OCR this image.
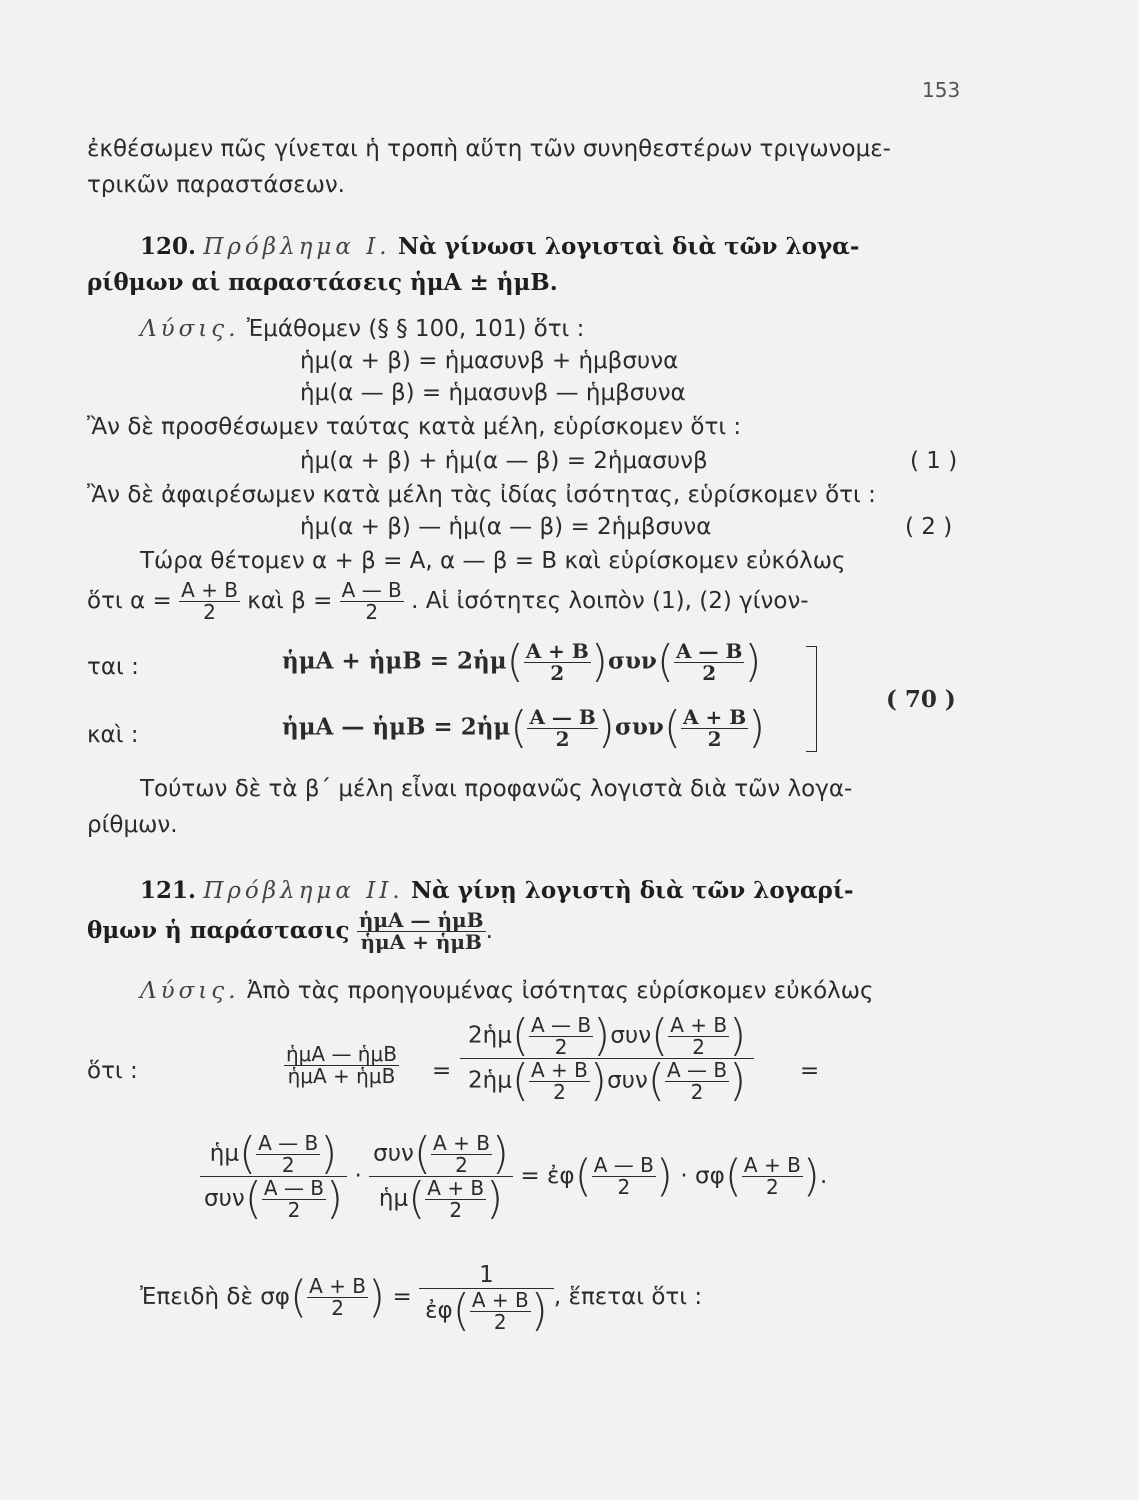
153
ἐκθέσωμεν πῶς γίνεται ἡ τροπὴ αὕτη τῶν συνηθεστέρων τριγωνομε-
τρικῶν παραστάσεων.
120. Πρόβλημα Ι. Νὰ γίνωσι λογισταὶ διὰ τῶν λογα-
ρίθμων αἱ παραστάσεις ἡμΑ ± ἡμΒ.
Λύσις. Ἐμάθομεν (§ § 100, 101) ὅτι :
ἡμ(α + β) = ἡμασυνβ + ἡμβσυνα
ἡμ(α — β) = ἡμασυνβ — ἡμβσυνα
Ἂν δὲ προσθέσωμεν ταύτας κατὰ μέλη, εὑρίσκομεν ὅτι :
ἡμ(α + β) + ἡμ(α — β) = 2ἡμασυνβ	( 1 )
Ἂν δὲ ἀφαιρέσωμεν κατὰ μέλη τὰς ἰδίας ἰσότητας, εὑρίσκομεν ὅτι :
ἡμ(α + β) — ἡμ(α — β) = 2ἡμβσυνα	( 2 )
Τώρα θέτομεν α + β = Α, α — β = Β καὶ εὑρίσκομεν εὐκόλως
ὅτι $\alpha = \frac{A + B}{2}$ καὶ $\beta = \frac{A — B}{2}$ . Αἱ ἰσότητες λοιπὸν (1), (2) γίνον-
ται :
καὶ :
ἡμΑ + ἡμΒ = 2ἡμ( $\frac{A + B}{2} )\sigma\upsilon\nu( \frac{A — B}{2}$ )
ἡμΑ — ἡμΒ = 2ἡμ( $\frac{A — B}{2} )\sigma\upsilon\nu( \frac{A + B}{2}$ )
( 70 )
Τούτων δὲ τὰ β΄ μέλη εἶναι προφανῶς λογιστὰ διὰ τῶν λογα-
ρίθμων.
121. Πρόβλημα ΙΙ. Νὰ γίνῃ λογιστὴ διὰ τῶν λογαρί-
θμων ἡ παράστασις $\frac{\text{ἡμΑ — ἡμΒ}}{\text{ἡμΑ + ἡμΒ}}$ .
Λύσις. Ἀπὸ τὰς προηγουμένας ἰσότητας εὑρίσκομεν εὐκόλως
ὅτι :	$\frac{\text{ἡμΑ — ἡμΒ}}{\text{ἡμΑ + ἡμΒ}}$ =
2ἡμ( $\frac{A — B}{2} )\sigma\upsilon\nu( \frac{A + B}{2}$ )
2ἡμ( $\frac{A + B}{2} )\sigma\upsilon\nu( \frac{A — B}{2}$ )	=
ἡμ( $\frac{A — B}{2}$ )
$\sigma\upsilon\nu( \frac{A — B}{2}$ ) ·
$\sigma\upsilon\nu( \frac{A + B}{2}$ )
ἡμ( $\frac{A + B}{2}$ ) = ἐφ( $\frac{A — B}{2}$ ) · $\sigma\varphi( \frac{A + B}{2}$ ).
Ἐπειδὴ δὲ $\sigma\varphi( \frac{A + B}{2}$ ) = $\frac{1}{ἐ\varphi( \frac{A + B}{2} )}$ , ἕπεται ὅτι :
